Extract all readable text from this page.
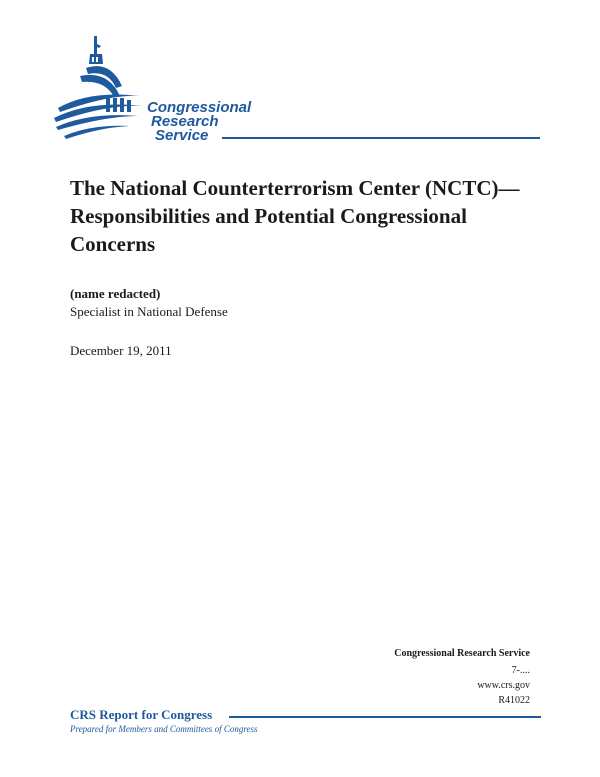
Congressional
Research
Service
The National Counterterrorism Center (NCTC)—Responsibilities and Potential Congressional Concerns
(name redacted)
Specialist in National Defense
December 19, 2011
Congressional Research Service
7-....
www.crs.gov
R41022
CRS Report for Congress
Prepared for Members and Committees of Congress
